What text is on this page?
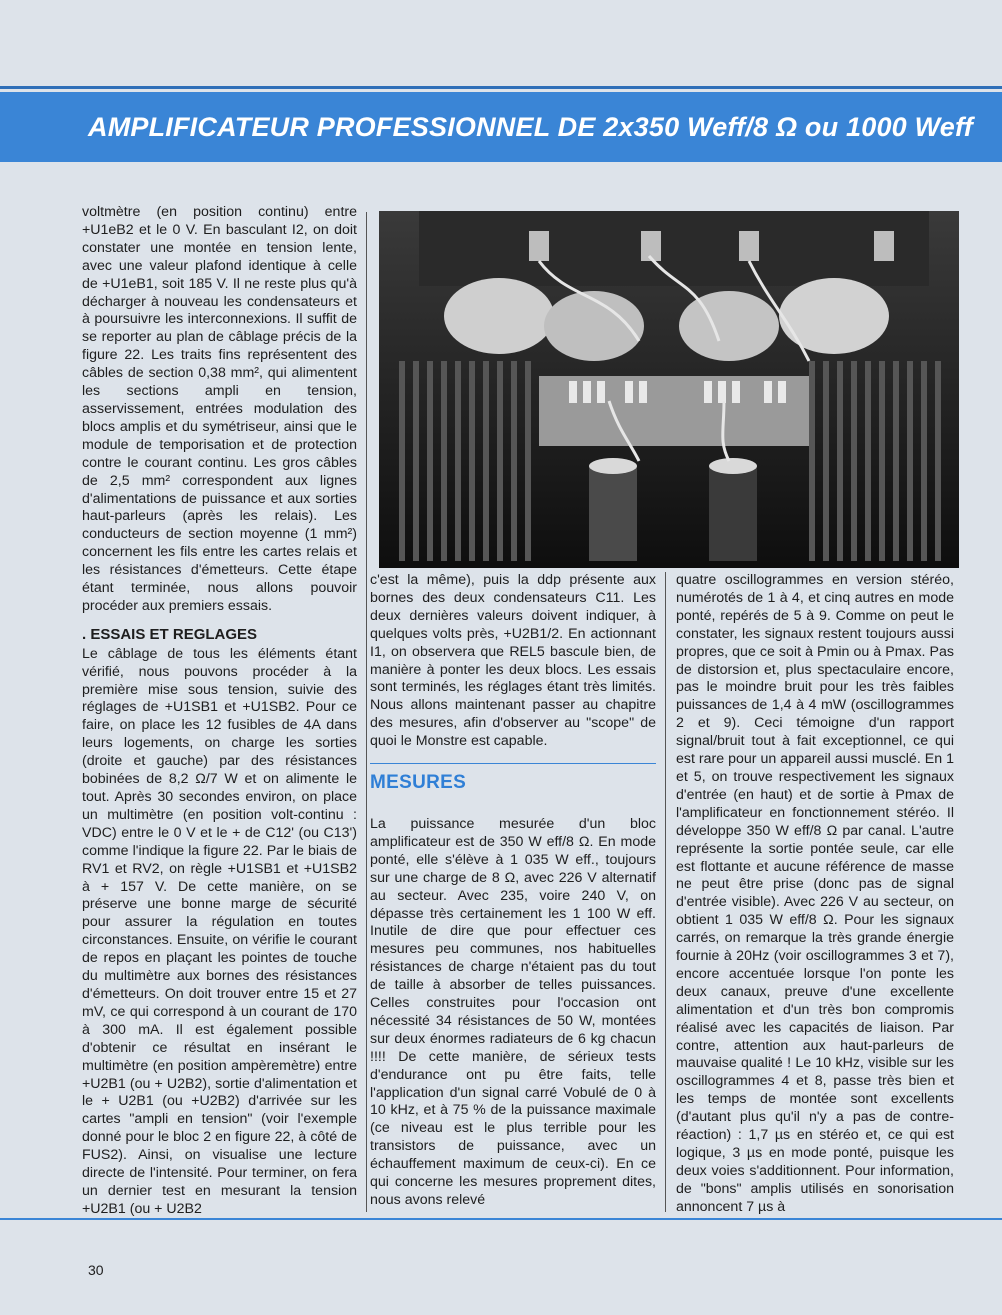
AMPLIFICATEUR PROFESSIONNEL DE 2x350 Weff/8 Ω ou 1000 Weff

voltmètre (en position continu) entre +U1eB2 et le 0 V. En basculant I2, on doit constater une montée en tension lente, avec une valeur plafond identique à celle de +U1eB1, soit 185 V. Il ne reste plus qu'à décharger à nouveau les condensateurs et à poursuivre les interconnexions. Il suffit de se reporter au plan de câblage précis de la figure 22. Les traits fins représentent des câbles de section 0,38 mm², qui alimentent les sections ampli en tension, asservissement, entrées modulation des blocs amplis et du symétriseur, ainsi que le module de temporisation et de protection contre le courant continu. Les gros câbles de 2,5 mm² correspondent aux lignes d'alimentations de puissance et aux sorties haut-parleurs (après les relais). Les conducteurs de section moyenne (1 mm²) concernent les fils entre les cartes relais et les résistances d'émetteurs. Cette étape étant terminée, nous allons pouvoir procéder aux premiers essais.

. ESSAIS ET REGLAGES

Le câblage de tous les éléments étant vérifié, nous pouvons procéder à la première mise sous tension, suivie des réglages de +U1SB1 et +U1SB2. Pour ce faire, on place les 12 fusibles de 4A dans leurs logements, on charge les sorties (droite et gauche) par des résistances bobinées de 8,2 Ω/7 W et on alimente le tout. Après 30 secondes environ, on place un multimètre (en position volt-continu : VDC) entre le 0 V et le + de C12' (ou C13') comme l'indique la figure 22. Par le biais de RV1 et RV2, on règle +U1SB1 et +U1SB2 à + 157 V. De cette manière, on se préserve une bonne marge de sécurité pour assurer la régulation en toutes circonstances. Ensuite, on vérifie le courant de repos en plaçant les pointes de touche du multimètre aux bornes des résistances d'émetteurs. On doit trouver entre 15 et 27 mV, ce qui correspond à un courant de 170 à 300 mA. Il est également possible d'obtenir ce résultat en insérant le multimètre (en position ampèremètre) entre +U2B1 (ou + U2B2), sortie d'alimentation et le + U2B1 (ou +U2B2) d'arrivée sur les cartes "ampli en tension" (voir l'exemple donné pour le bloc 2 en figure 22, à côté de FUS2). Ainsi, on visualise une lecture directe de l'intensité. Pour terminer, on fera un dernier test en mesurant la tension +U2B1 (ou + U2B2

c'est la même), puis la ddp présente aux bornes des deux condensateurs C11. Les deux dernières valeurs doivent indiquer, à quelques volts près, +U2B1/2. En actionnant I1, on observera que REL5 bascule bien, de manière à ponter les deux blocs. Les essais sont terminés, les réglages étant très limités. Nous allons maintenant passer au chapitre des mesures, afin d'observer au "scope" de quoi le Monstre est capable.

MESURES

La puissance mesurée d'un bloc amplificateur est de 350 W eff/8 Ω. En mode ponté, elle s'élève à 1 035 W eff., toujours sur une charge de 8 Ω, avec 226 V alternatif au secteur. Avec 235, voire 240 V, on dépasse très certainement les 1 100 W eff. Inutile de dire que pour effectuer ces mesures peu communes, nos habituelles résistances de charge n'étaient pas du tout de taille à absorber de telles puissances. Celles construites pour l'occasion ont nécessité 34 résistances de 50 W, montées sur deux énormes radiateurs de 6 kg chacun !!!! De cette manière, de sérieux tests d'endurance ont pu être faits, telle l'application d'un signal carré Vobulé de 0 à 10 kHz, et à 75 % de la puissance maximale (ce niveau est le plus terrible pour les transistors de puissance, avec un échauffement maximum de ceux-ci). En ce qui concerne les mesures proprement dites, nous avons relevé

quatre oscillogrammes en version stéréo, numérotés de 1 à 4, et cinq autres en mode ponté, repérés de 5 à 9. Comme on peut le constater, les signaux restent toujours aussi propres, que ce soit à Pmin ou à Pmax. Pas de distorsion et, plus spectaculaire encore, pas le moindre bruit pour les très faibles puissances de 1,4 à 4 mW (oscillogrammes 2 et 9). Ceci témoigne d'un rapport signal/bruit tout à fait exceptionnel, ce qui est rare pour un appareil aussi musclé. En 1 et 5, on trouve respectivement les signaux d'entrée (en haut) et de sortie à Pmax de l'amplificateur en fonctionnement stéréo. Il développe 350 W eff/8 Ω par canal. L'autre représente la sortie pontée seule, car elle est flottante et aucune référence de masse ne peut être prise (donc pas de signal d'entrée visible). Avec 226 V au secteur, on obtient 1 035 W eff/8 Ω. Pour les signaux carrés, on remarque la très grande énergie fournie à 20Hz (voir oscillogrammes 3 et 7), encore accentuée lorsque l'on ponte les deux canaux, preuve d'une excellente alimentation et d'un très bon compromis réalisé avec les capacités de liaison. Par contre, attention aux haut-parleurs de mauvaise qualité ! Le 10 kHz, visible sur les oscillogrammes 4 et 8, passe très bien et les temps de montée sont excellents (d'autant plus qu'il n'y a pas de contre-réaction) : 1,7 µs en stéréo et, ce qui est logique, 3 µs en mode ponté, puisque les deux voies s'additionnent. Pour information, de "bons" amplis utilisés en sonorisation annoncent 7 µs à

30
